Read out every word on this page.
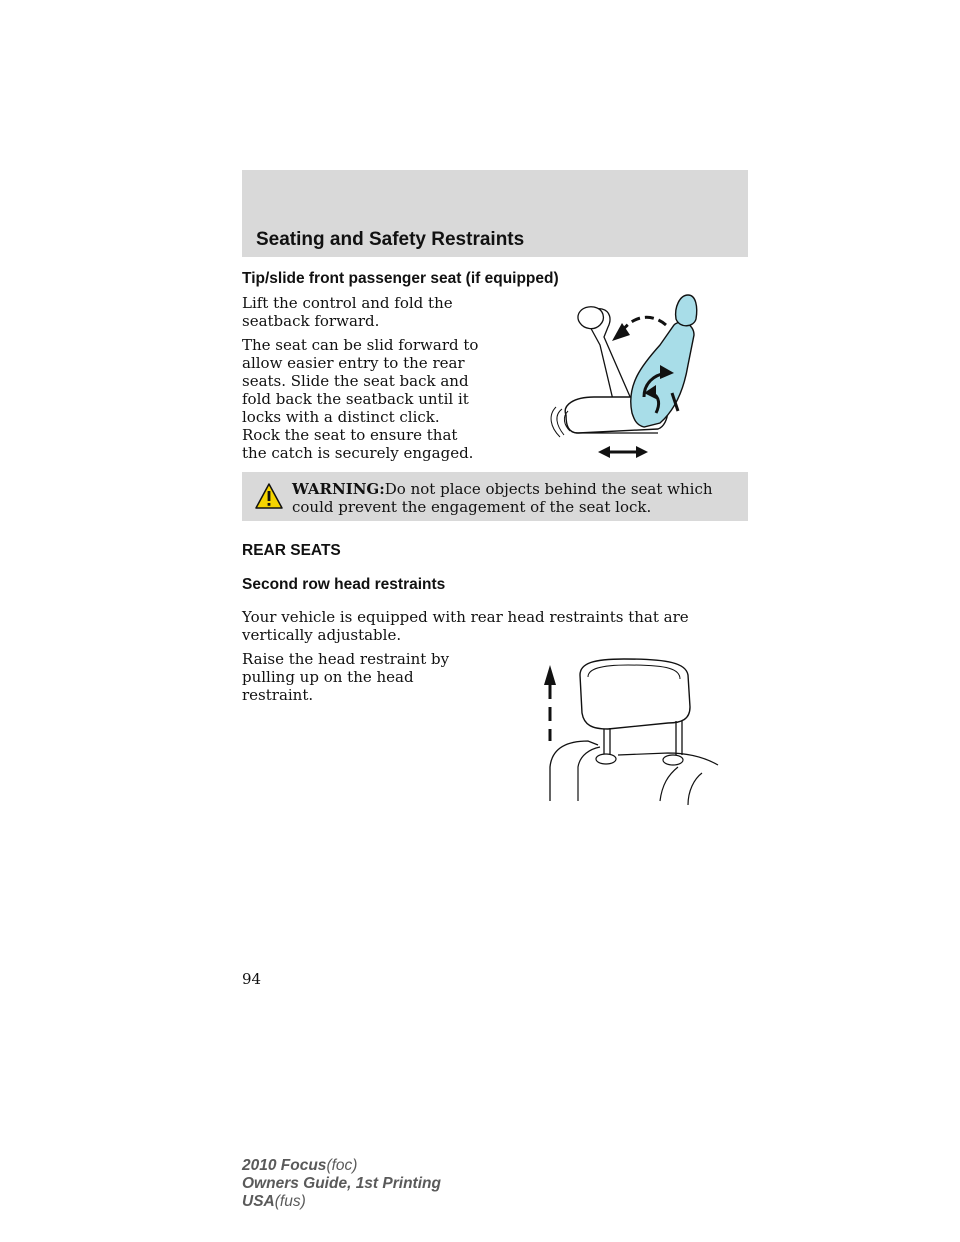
Seating and Safety Restraints
Tip/slide front passenger seat (if equipped)

Lift the control and fold the seatback forward.

The seat can be slid forward to allow easier entry to the rear seats. Slide the seat back and fold back the seatback until it locks with a distinct click. Rock the seat to ensure that the catch is securely engaged.

WARNING:Do not place objects behind the seat which could prevent the engagement of the seat lock.
REAR SEATS
Second row head restraints

Your vehicle is equipped with rear head restraints that are vertically adjustable.

Raise the head restraint by pulling up on the head restraint.

94
2010 Focus(foc)
Owners Guide, 1st Printing
USA(fus)
